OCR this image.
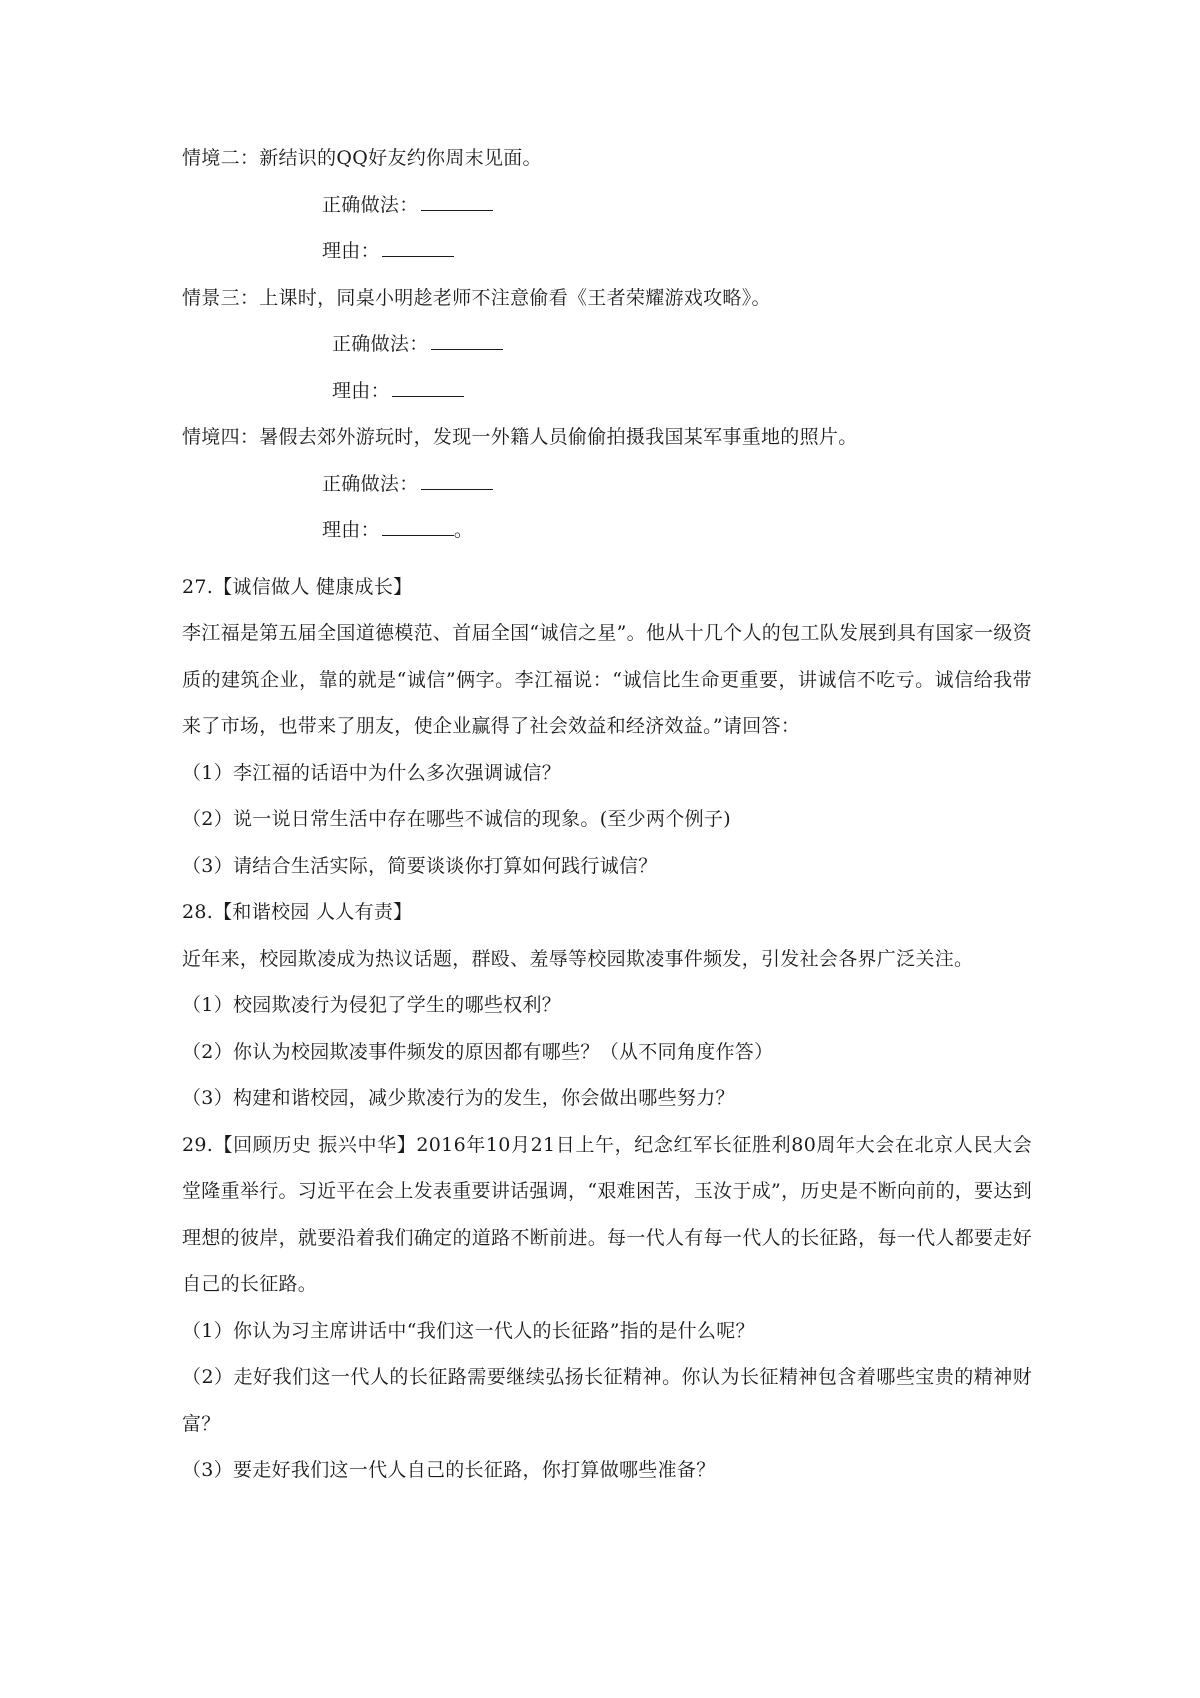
情境二：新结识的QQ好友约你周末见面。
正确做法：
理由：
情景三：上课时，同桌小明趁老师不注意偷看《王者荣耀游戏攻略》。
正确做法：
理由：
情境四：暑假去郊外游玩时，发现一外籍人员偷偷拍摄我国某军事重地的照片。
正确做法：
理由：	。
27.【诚信做人 健康成长】
李江福是第五届全国道德模范、首届全国“诚信之星”。他从十几个人的包工队发展到具有国家一级资质的建筑企业，靠的就是“诚信”俩字。李江福说：“诚信比生命更重要，讲诚信不吃亏。诚信给我带来了市场，也带来了朋友，使企业赢得了社会效益和经济效益。”请回答：
（1）李江福的话语中为什么多次强调诚信？
（2）说一说日常生活中存在哪些不诚信的现象。(至少两个例子)
（3）请结合生活实际，简要谈谈你打算如何践行诚信？
28.【和谐校园 人人有责】
近年来，校园欺凌成为热议话题，群殴、羞辱等校园欺凌事件频发，引发社会各界广泛关注。
（1）校园欺凌行为侵犯了学生的哪些权利？
（2）你认为校园欺凌事件频发的原因都有哪些？（从不同角度作答）
（3）构建和谐校园，减少欺凌行为的发生，你会做出哪些努力？
29.【回顾历史 振兴中华】2016年10月21日上午，纪念红军长征胜利80周年大会在北京人民大会堂隆重举行。习近平在会上发表重要讲话强调，“艰难困苦，玉汝于成”，历史是不断向前的，要达到理想的彼岸，就要沿着我们确定的道路不断前进。每一代人有每一代人的长征路，每一代人都要走好自己的长征路。
（1）你认为习主席讲话中“我们这一代人的长征路”指的是什么呢？
（2）走好我们这一代人的长征路需要继续弘扬长征精神。你认为长征精神包含着哪些宝贵的精神财富？
（3）要走好我们这一代人自己的长征路，你打算做哪些准备？
